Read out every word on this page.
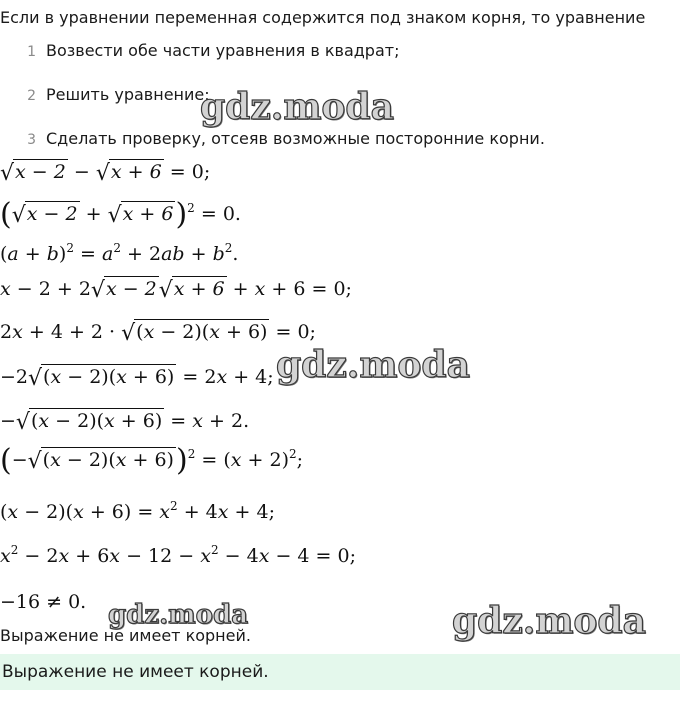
Если в уравнении переменная содержится под знаком корня, то уравнение
1 Возвести обе части уравнения в квадрат;
2 Решить уравнение;
3 Сделать проверку, отсеяв возможные посторонние корни.
√x − 2 − √x + 6 = 0;
$(√x - 2 + √x + 6)^2 = 0$.
$(a + b)^2 = a^2 + 2ab + b^2$.
x − 2 + 2√x − 2√x + 6 + x + 6 = 0;
2x + 4 + 2 · √(x − 2)(x + 6) = 0;
−2√(x − 2)(x + 6) = 2x + 4;
−√(x − 2)(x + 6) = x + 2.
$(-√(x - 2)(x + 6))^2 = (x + 2)^2$;
$(x - 2)(x + 6) = x^2 + 4x + 4$;
$x^2 - 2x + 6x - 12 - x^2 - 4x - 4 = 0$;
−16 ≠ 0.
Выражение не имеет корней.
Выражение не имеет корней.
gdz.moda
gdz.moda
gdz.moda	gdz.moda
